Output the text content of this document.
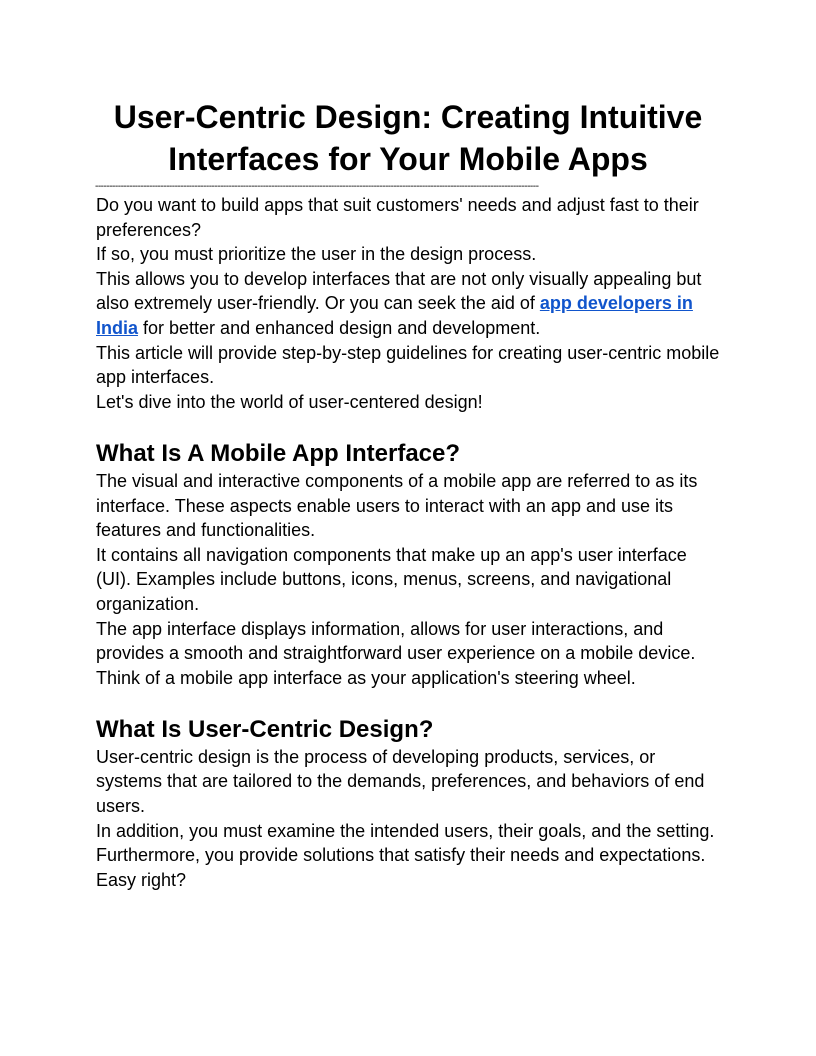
User-Centric Design: Creating Intuitive Interfaces for Your Mobile Apps
------------------------------------------------------------------------------------------------------------------------------------------------------------

Do you want to build apps that suit customers' needs and adjust fast to their preferences?

If so, you must prioritize the user in the design process.

This allows you to develop interfaces that are not only visually appealing but also extremely user-friendly. Or you can seek the aid of app developers in India for better and enhanced design and development.

This article will provide step-by-step guidelines for creating user-centric mobile app interfaces.

Let's dive into the world of user-centered design!

What Is A Mobile App Interface?

The visual and interactive components of a mobile app are referred to as its interface. These aspects enable users to interact with an app and use its features and functionalities.

It contains all navigation components that make up an app's user interface (UI). Examples include buttons, icons, menus, screens, and navigational organization.

The app interface displays information, allows for user interactions, and provides a smooth and straightforward user experience on a mobile device.

Think of a mobile app interface as your application's steering wheel.

What Is User-Centric Design?

User-centric design is the process of developing products, services, or systems that are tailored to the demands, preferences, and behaviors of end users.

In addition, you must examine the intended users, their goals, and the setting. Furthermore, you provide solutions that satisfy their needs and expectations.

Easy right?
